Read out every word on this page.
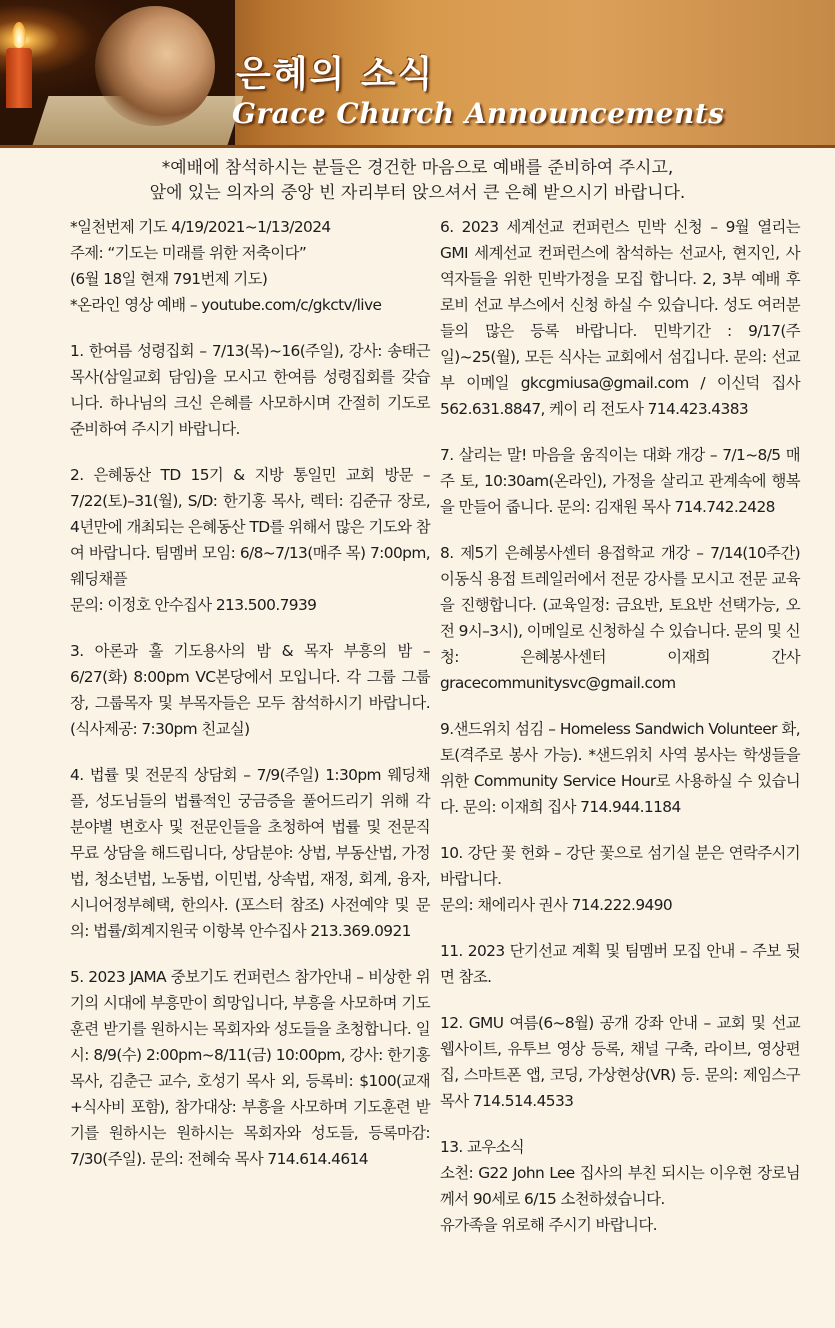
은혜의 소식
Grace Church Announcements
*예배에 참석하시는 분들은 경건한 마음으로 예배를 준비하여 주시고,
앞에 있는 의자의 중앙 빈 자리부터 앉으셔서 큰 은혜 받으시기 바랍니다.

*일천번제 기도 4/19/2021~1/13/2024
주제: “기도는 미래를 위한 저축이다”
(6월 18일 현재 791번제 기도)
*온라인 영상 예배 – youtube.com/c/gkctv/live

1. 한여름 성령집회 – 7/13(목)~16(주일), 강사: 송태근 목사(삼일교회 담임)을 모시고 한여름 성령집회를 갖습니다. 하나님의 크신 은혜를 사모하시며 간절히 기도로 준비하여 주시기 바랍니다.

2. 은혜동산 TD 15기 & 지방 통일민 교회 방문 – 7/22(토)–31(월), S/D: 한기홍 목사, 렉터: 김준규 장로, 4년만에 개최되는 은혜동산 TD를 위해서 많은 기도와 참여 바랍니다. 팀멤버 모임: 6/8~7/13(매주 목) 7:00pm, 웨딩채플
문의: 이정호 안수집사 213.500.7939

3. 아론과 훌 기도용사의 밤 & 목자 부흥의 밤 – 6/27(화) 8:00pm VC본당에서 모입니다. 각 그룹 그룹장, 그룹목자 및 부목자들은 모두 참석하시기 바랍니다. (식사제공: 7:30pm 친교실)

4. 법률 및 전문직 상담회 – 7/9(주일) 1:30pm 웨딩채플, 성도님들의 법률적인 궁금증을 풀어드리기 위해 각 분야별 변호사 및 전문인들을 초청하여 법률 및 전문직 무료 상담을 해드립니다, 상담분야: 상법, 부동산법, 가정법, 청소년법, 노동법, 이민법, 상속법, 재정, 회계, 융자, 시니어정부혜택, 한의사. (포스터 참조) 사전예약 및 문의: 법률/회계지원국 이항복 안수집사 213.369.0921

5. 2023 JAMA 중보기도 컨퍼런스 참가안내 – 비상한 위기의 시대에 부흥만이 희망입니다, 부흥을 사모하며 기도훈련 받기를 원하시는 목회자와 성도들을 초청합니다. 일시: 8/9(수) 2:00pm~8/11(금) 10:00pm, 강사: 한기홍 목사, 김춘근 교수, 호성기 목사 외, 등록비: $100(교재+식사비 포함), 참가대상: 부흥을 사모하며 기도훈련 받기를 원하시는 원하시는 목회자와 성도들, 등록마감: 7/30(주일). 문의: 전혜숙 목사 714.614.4614

6. 2023 세계선교 컨퍼런스 민박 신청 – 9월 열리는 GMI 세계선교 컨퍼런스에 참석하는 선교사, 현지인, 사역자들을 위한 민박가정을 모집 합니다. 2, 3부 예배 후 로비 선교 부스에서 신청 하실 수 있습니다. 성도 여러분들의 많은 등록 바랍니다. 민박기간 : 9/17(주일)~25(월), 모든 식사는 교회에서 섬깁니다. 문의: 선교부 이메일 gkcgmiusa@gmail.com / 이신덕 집사 562.631.8847, 케이 리 전도사 714.423.4383

7. 살리는 말! 마음을 움직이는 대화 개강 – 7/1~8/5 매주 토, 10:30am(온라인), 가정을 살리고 관계속에 행복을 만들어 줍니다. 문의: 김재원 목사 714.742.2428

8. 제5기 은혜봉사센터 용접학교 개강 – 7/14(10주간) 이동식 용접 트레일러에서 전문 강사를 모시고 전문 교육을 진행합니다. (교육일정: 금요반, 토요반 선택가능, 오전 9시–3시), 이메일로 신청하실 수 있습니다. 문의 및 신청: 은혜봉사센터 이재희 간사 gracecommunitysvc@gmail.com

9.샌드위치 섬김 – Homeless Sandwich Volunteer 화, 토(격주로 봉사 가능). *샌드위치 사역 봉사는 학생들을 위한 Community Service Hour로 사용하실 수 있습니다. 문의: 이재희 집사 714.944.1184

10. 강단 꽃 헌화 – 강단 꽃으로 섬기실 분은 연락주시기 바랍니다.
문의: 채에리사 권사 714.222.9490

11. 2023 단기선교 계획 및 팀멤버 모집 안내 – 주보 뒷면 참조.

12. GMU 여름(6~8월) 공개 강좌 안내 – 교회 및 선교 웹사이트, 유투브 영상 등록, 채널 구축, 라이브, 영상편집, 스마트폰 앱, 코딩, 가상현상(VR) 등. 문의: 제임스구 목사 714.514.4533

13. 교우소식
소천: G22 John Lee 집사의 부친 되시는 이우현 장로님께서 90세로 6/15 소천하셨습니다.
유가족을 위로해 주시기 바랍니다.
